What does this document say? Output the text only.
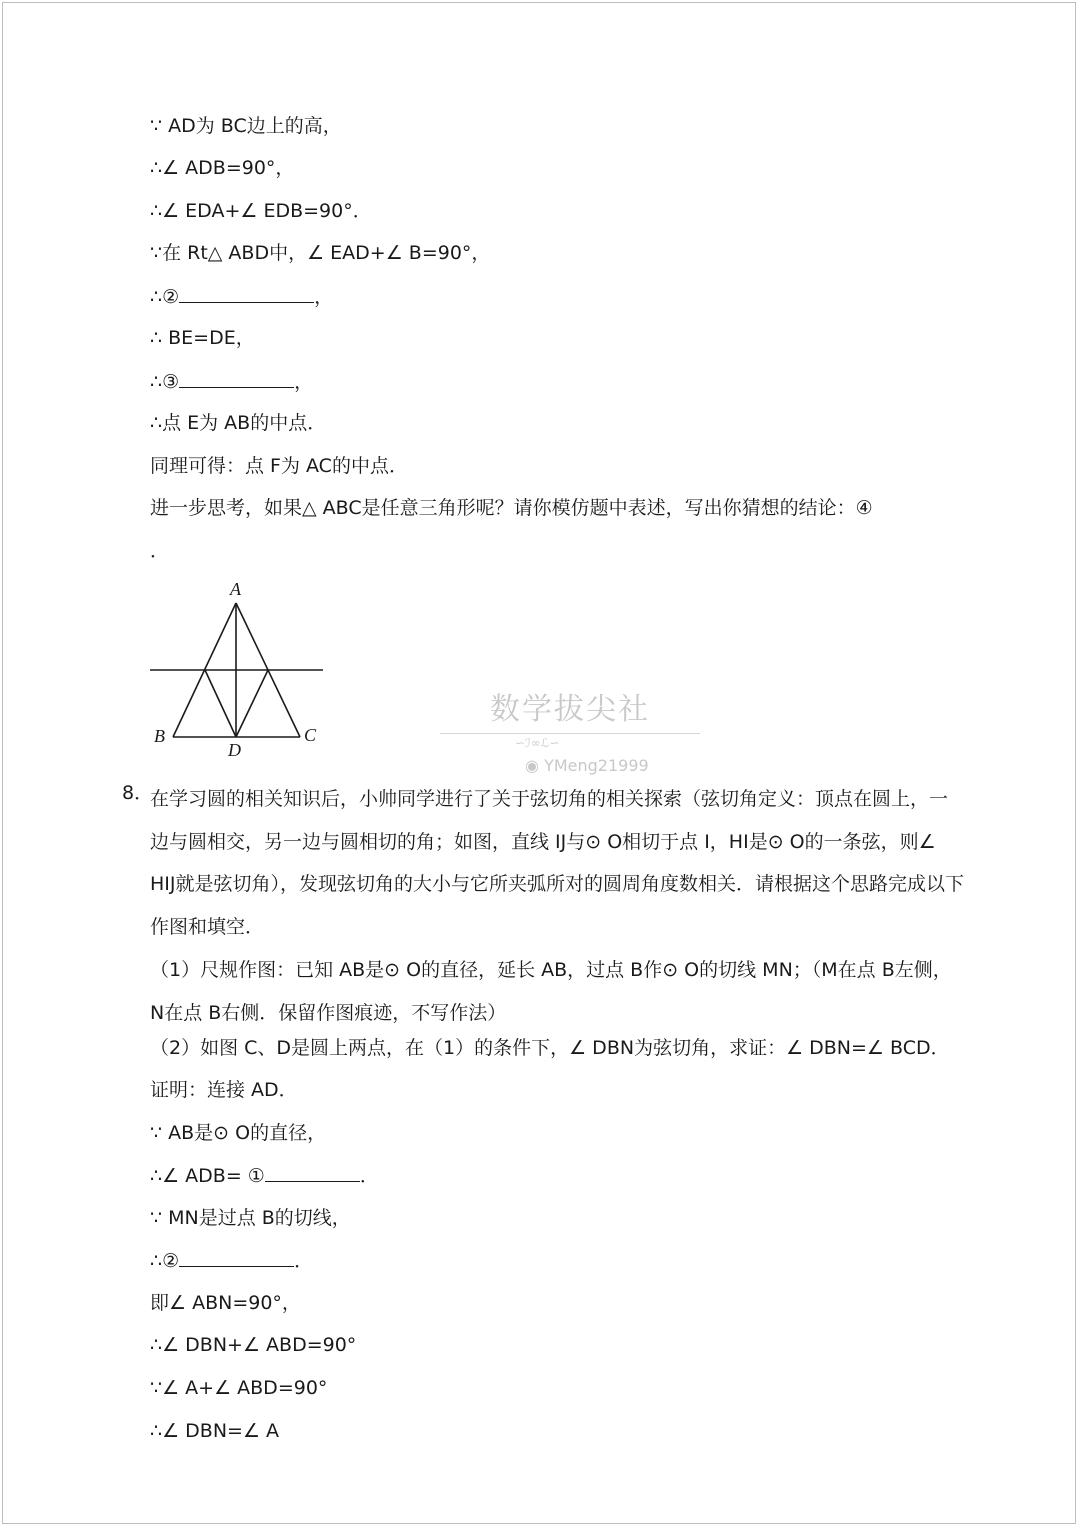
∵ AD为 BC边上的高，
∴∠ ADB=90°，
∴∠ EDA+∠ EDB=90°．
∵在 Rt△ ABD中，∠ EAD+∠ B=90°，
∴②	，
∴ BE=DE，
∴③	，
∴点 E为 AB的中点．
同理可得：点 F为 AC的中点．
进一步思考，如果△ ABC是任意三角形呢？请你模仿题中表述，写出你猜想的结论：④
．
A
B	C
D
数学拔尖社
∽ℐ∞ℒ∽
◉ YMeng21999
8．
在学习圆的相关知识后，小帅同学进行了关于弦切角的相关探索（弦切角定义：顶点在圆上，一边与圆相交，另一边与圆相切的角；如图，直线 IJ与⊙ O相切于点 I，HI是⊙ O的一条弦，则∠ HIJ就是弦切角），发现弦切角的大小与它所夹弧所对的圆周角度数相关．请根据这个思路完成以下作图和填空．
（1）尺规作图：已知 AB是⊙ O的直径，延长 AB，过点 B作⊙ O的切线 MN；（M在点 B左侧，N在点 B右侧．保留作图痕迹，不写作法）
（2）如图 C、D是圆上两点，在（1）的条件下，∠ DBN为弦切角，求证：∠ DBN=∠ BCD．
证明：连接 AD．
∵ AB是⊙ O的直径，
∴∠ ADB= ①	．
∵ MN是过点 B的切线，
∴②	．
即∠ ABN=90°，
∴∠ DBN+∠ ABD=90°
∵∠ A+∠ ABD=90°
∴∠ DBN=∠ A
